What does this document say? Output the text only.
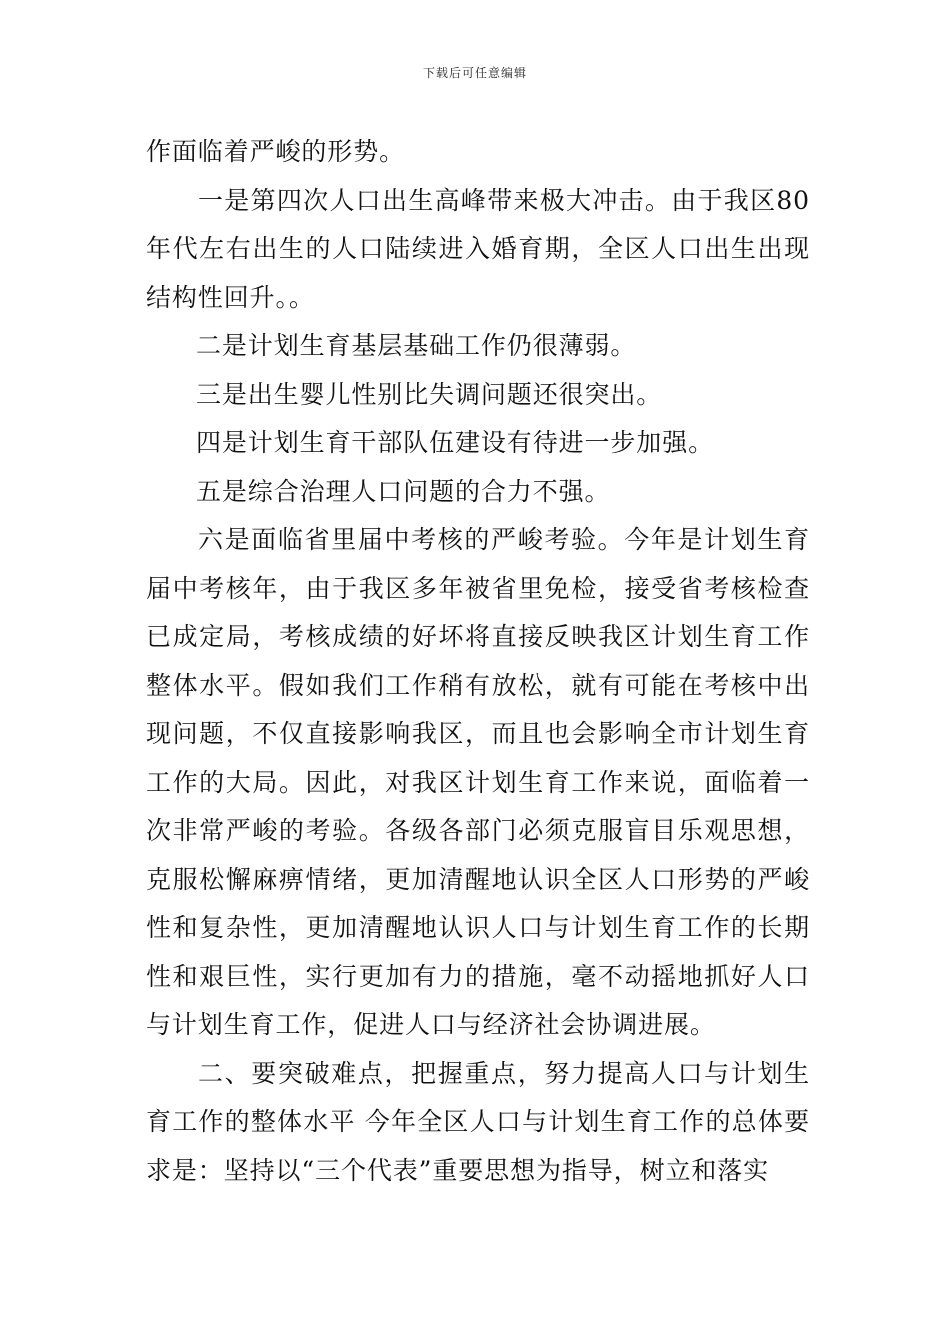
下载后可任意编辑

作面临着严峻的形势。

一是第四次人口出生高峰带来极大冲击。由于我区80年代左右出生的人口陆续进入婚育期，全区人口出生出现结构性回升。。

二是计划生育基层基础工作仍很薄弱。

三是出生婴儿性别比失调问题还很突出。

四是计划生育干部队伍建设有待进一步加强。

五是综合治理人口问题的合力不强。

六是面临省里届中考核的严峻考验。今年是计划生育届中考核年，由于我区多年被省里免检，接受省考核检查已成定局，考核成绩的好坏将直接反映我区计划生育工作整体水平。假如我们工作稍有放松，就有可能在考核中出现问题，不仅直接影响我区，而且也会影响全市计划生育工作的大局。因此，对我区计划生育工作来说，面临着一次非常严峻的考验。各级各部门必须克服盲目乐观思想，克服松懈麻痹情绪，更加清醒地认识全区人口形势的严峻性和复杂性，更加清醒地认识人口与计划生育工作的长期性和艰巨性，实行更加有力的措施，毫不动摇地抓好人口与计划生育工作，促进人口与经济社会协调进展。

二、要突破难点，把握重点，努力提高人口与计划生育工作的整体水平 今年全区人口与计划生育工作的总体要求是：坚持以“三个代表”重要思想为指导，树立和落实
